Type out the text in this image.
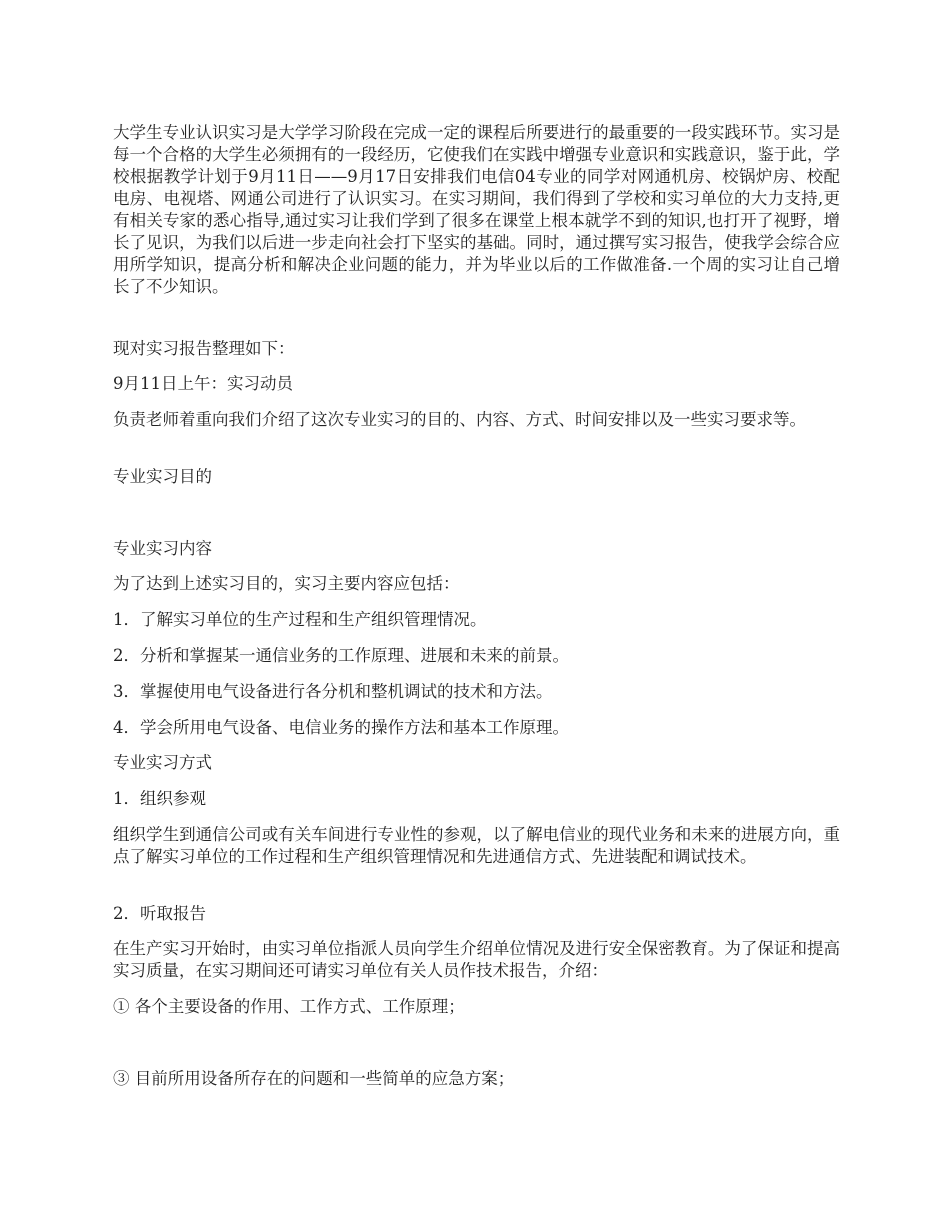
大学生专业认识实习是大学学习阶段在完成一定的课程后所要进行的最重要的一段实践环节。实习是每一个合格的大学生必须拥有的一段经历，它使我们在实践中增强专业意识和实践意识，鉴于此，学校根据教学计划于9月11日——9月17日安排我们电信04专业的同学对网通机房、校锅炉房、校配电房、电视塔、网通公司进行了认识实习。在实习期间，我们得到了学校和实习单位的大力支持,更有相关专家的悉心指导,通过实习让我们学到了很多在课堂上根本就学不到的知识,也打开了视野，增长了见识，为我们以后进一步走向社会打下坚实的基础。同时，通过撰写实习报告，使我学会综合应用所学知识，提高分析和解决企业问题的能力，并为毕业以后的工作做准备.一个周的实习让自己增长了不少知识。

现对实习报告整理如下：

9月11日上午：实习动员

负责老师着重向我们介绍了这次专业实习的目的、内容、方式、时间安排以及一些实习要求等。

专业实习目的

专业实习内容

为了达到上述实习目的，实习主要内容应包括：

1．了解实习单位的生产过程和生产组织管理情况。

2．分析和掌握某一通信业务的工作原理、进展和未来的前景。

3．掌握使用电气设备进行各分机和整机调试的技术和方法。

4．学会所用电气设备、电信业务的操作方法和基本工作原理。

专业实习方式

1．组织参观

组织学生到通信公司或有关车间进行专业性的参观，以了解电信业的现代业务和未来的进展方向，重点了解实习单位的工作过程和生产组织管理情况和先进通信方式、先进装配和调试技术。

2．听取报告

在生产实习开始时，由实习单位指派人员向学生介绍单位情况及进行安全保密教育。为了保证和提高实习质量，在实习期间还可请实习单位有关人员作技术报告，介绍：

① 各个主要设备的作用、工作方式、工作原理；

③ 目前所用设备所存在的问题和一些简单的应急方案；
